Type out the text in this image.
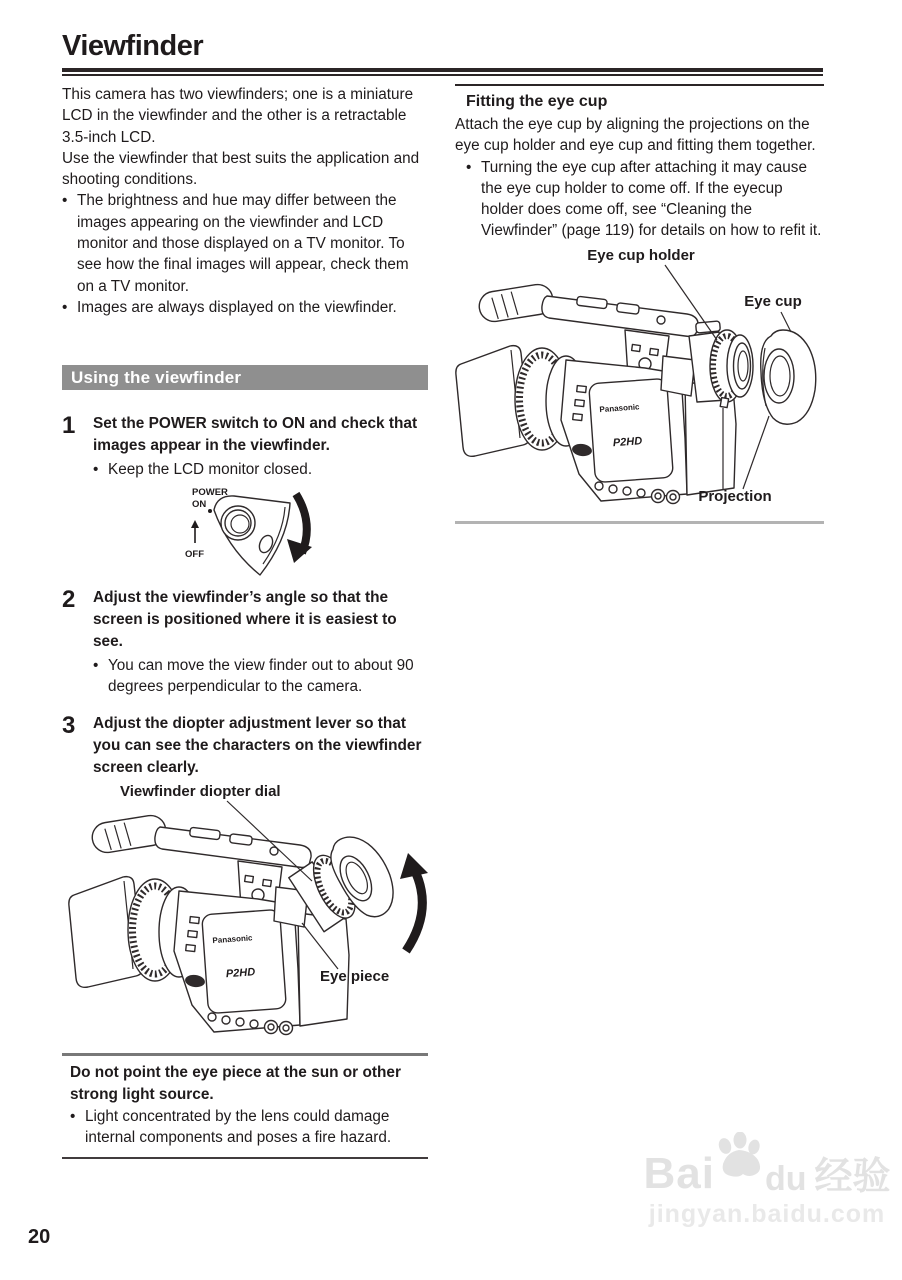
Viewfinder

This camera has two viewfinders; one is a miniature LCD in the viewfinder and the other is a retractable 3.5-inch LCD.

Use the viewfinder that best suits the application and shooting conditions.

• The brightness and hue may differ between the images appearing on the viewfinder and LCD monitor and those displayed on a TV monitor. To see how the final images will appear, check them on a TV monitor.
• Images are always displayed on the viewfinder.
Using the viewfinder
1	Set the POWER switch to ON and check that images appear in the viewfinder.

• Keep the LCD monitor closed.
POWER
ON
OFF
2	Adjust the viewfinder’s angle so that the screen is positioned where it is easiest to see.

• You can move the view finder out to about 90 degrees perpendicular to the camera.
3	Adjust the diopter adjustment lever so that you can see the characters on the viewfinder screen clearly.

Viewfinder diopter dial
Eye piece

Do not point the eye piece at the sun or other strong light source.

• Light concentrated by the lens could damage internal components and poses a fire hazard.
Fitting the eye cup

Attach the eye cup by aligning the projections on the eye cup holder and eye cup and fitting them together.

• Turning the eye cup after attaching it may cause the eye cup holder to come off. If the eyecup holder does come off, see “Cleaning the Viewfinder” (page 119) for details on how to refit it.
Eye cup holder
Eye cup
Projection
20
Bai du 经验
jingyan.baidu.com
